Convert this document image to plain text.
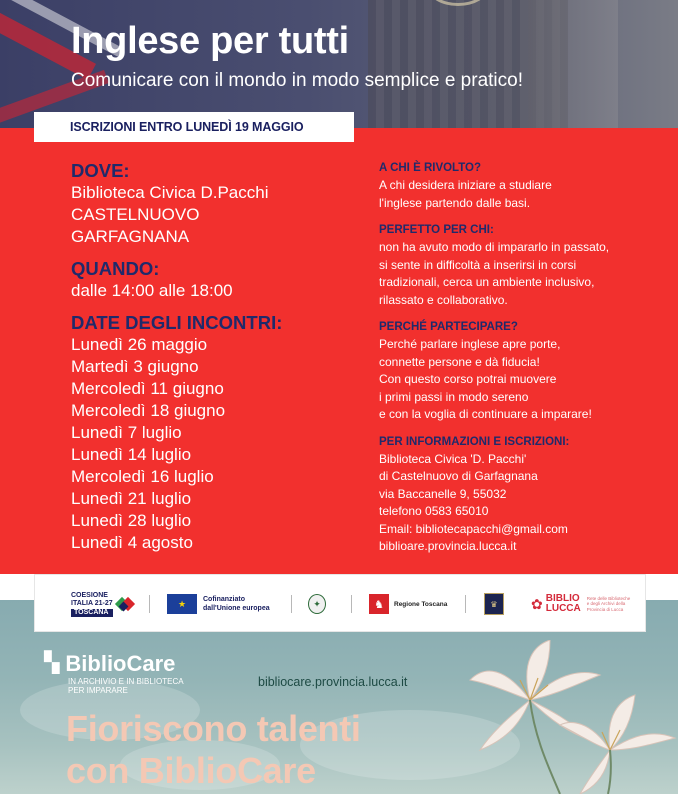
Inglese per tutti
Comunicare con il mondo in modo semplice e pratico!
ISCRIZIONI ENTRO LUNEDÌ 19 MAGGIO
DOVE:
Biblioteca Civica D.Pacchi
CASTELNUOVO
GARFAGNANA
QUANDO:
dalle 14:00 alle 18:00
DATE DEGLI INCONTRI:
Lunedì 26 maggio
Martedì 3 giugno
Mercoledì 11 giugno
Mercoledì 18 giugno
Lunedì 7 luglio
Lunedì 14 luglio
Mercoledì 16 luglio
Lunedì 21 luglio
Lunedì 28 luglio
Lunedì 4 agosto
A CHI È RIVOLTO?
A chi desidera iniziare a studiare
l'inglese partendo dalle basi.
PERFETTO PER CHI:
non ha avuto modo di impararlo in passato,
si sente in difficoltà a inserirsi in corsi
tradizionali, cerca un ambiente inclusivo,
rilassato e collaborativo.
PERCHÉ PARTECIPARE?
Perché parlare inglese apre porte,
connette persone e dà fiducia!
Con questo corso potrai muovere
i primi passi in modo sereno
e con la voglia di continuare a imparare!
PER INFORMAZIONI E ISCRIZIONI:
Biblioteca Civica 'D. Pacchi'
di Castelnuovo di Garfagnana
via Baccanelle 9, 55032
telefono 0583 65010
Email: bibliotecapacchi@gmail.com
biblioare.provincia.lucca.it
COESIONE
ITALIA 21-27
TOSCANA
★	Cofinanziato
dall'Unione europea	✦	♞	Regione Toscana	♛	✿ BIBLIO
LUCCA
Rete delle Biblioteche e degli Archivi della Provincia di Lucca
▚ BiblioCare
IN ARCHIVIO E IN BIBLIOTECA
PER IMPARARE
bibliocare.provincia.lucca.it
Fioriscono talenti
con BiblioCare
